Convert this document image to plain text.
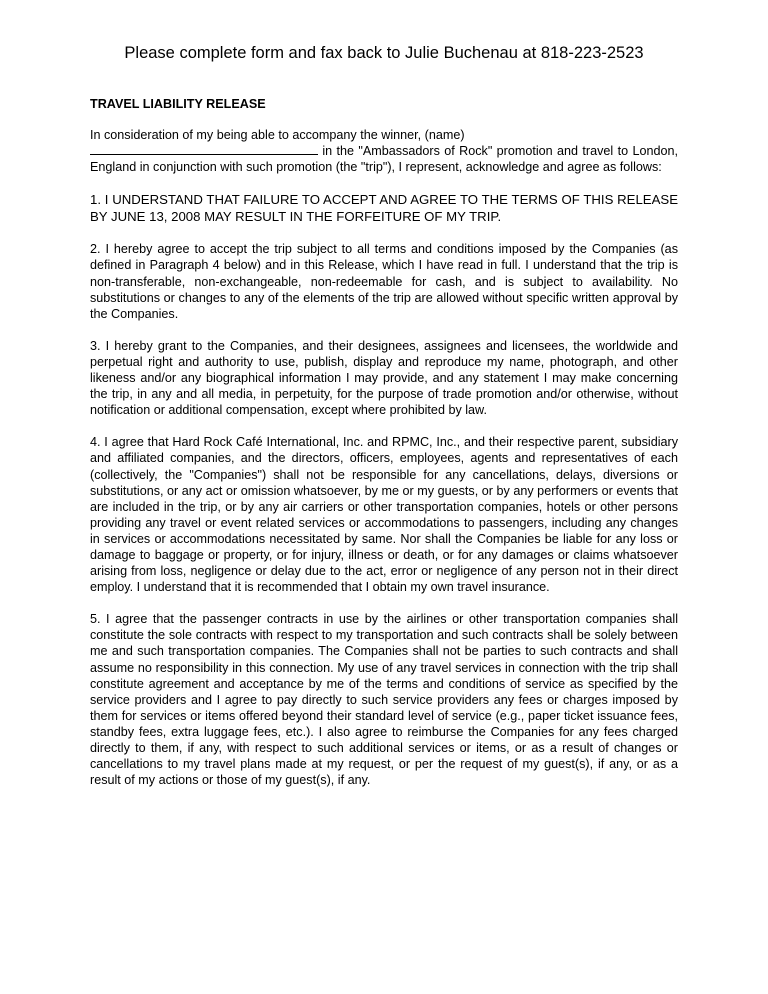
Please complete form and fax back to Julie Buchenau at 818-223-2523
TRAVEL LIABILITY RELEASE
In consideration of my being able to accompany the winner, (name)
in the "Ambassadors of Rock" promotion and travel to London, England in conjunction with such promotion (the "trip"), I represent, acknowledge and agree as follows:
1. I UNDERSTAND THAT FAILURE TO ACCEPT AND AGREE TO THE TERMS OF THIS RELEASE BY JUNE 13, 2008 MAY RESULT IN THE FORFEITURE OF MY TRIP.
2. I hereby agree to accept the trip subject to all terms and conditions imposed by the Companies (as defined in Paragraph 4 below) and in this Release, which I have read in full. I understand that the trip is non-transferable, non-exchangeable, non-redeemable for cash, and is subject to availability. No substitutions or changes to any of the elements of the trip are allowed without specific written approval by the Companies.
3. I hereby grant to the Companies, and their designees, assignees and licensees, the worldwide and perpetual right and authority to use, publish, display and reproduce my name, photograph, and other likeness and/or any biographical information I may provide, and any statement I may make concerning the trip, in any and all media, in perpetuity, for the purpose of trade promotion and/or otherwise, without notification or additional compensation, except where prohibited by law.
4. I agree that Hard Rock Café International, Inc. and RPMC, Inc., and their respective parent, subsidiary and affiliated companies, and the directors, officers, employees, agents and representatives of each (collectively, the "Companies") shall not be responsible for any cancellations, delays, diversions or substitutions, or any act or omission whatsoever, by me or my guests, or by any performers or events that are included in the trip, or by any air carriers or other transportation companies, hotels or other persons providing any travel or event related services or accommodations to passengers, including any changes in services or accommodations necessitated by same. Nor shall the Companies be liable for any loss or damage to baggage or property, or for injury, illness or death, or for any damages or claims whatsoever arising from loss, negligence or delay due to the act, error or negligence of any person not in their direct employ. I understand that it is recommended that I obtain my own travel insurance.
5. I agree that the passenger contracts in use by the airlines or other transportation companies shall constitute the sole contracts with respect to my transportation and such contracts shall be solely between me and such transportation companies. The Companies shall not be parties to such contracts and shall assume no responsibility in this connection. My use of any travel services in connection with the trip shall constitute agreement and acceptance by me of the terms and conditions of service as specified by the service providers and I agree to pay directly to such service providers any fees or charges imposed by them for services or items offered beyond their standard level of service (e.g., paper ticket issuance fees, standby fees, extra luggage fees, etc.). I also agree to reimburse the Companies for any fees charged directly to them, if any, with respect to such additional services or items, or as a result of changes or cancellations to my travel plans made at my request, or per the request of my guest(s), if any, or as a result of my actions or those of my guest(s), if any.
